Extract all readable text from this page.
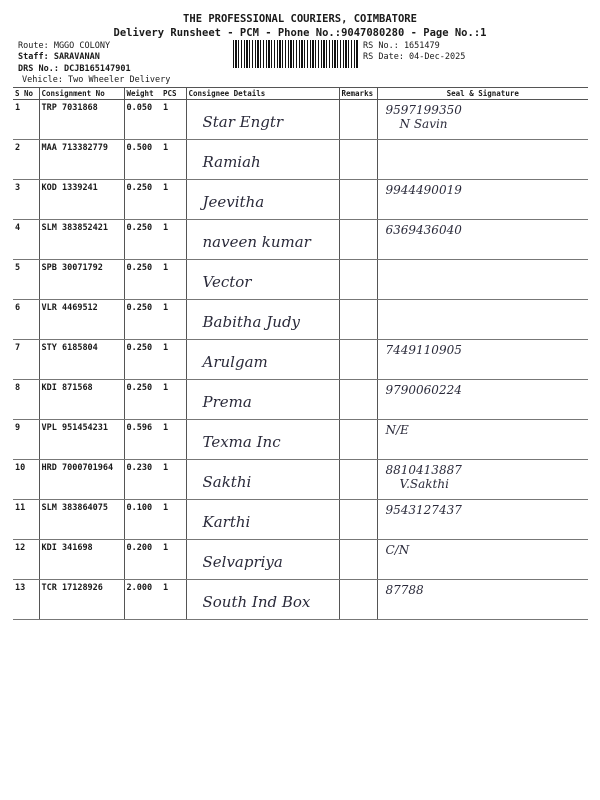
THE PROFESSIONAL COURIERS, COIMBATORE
Delivery Runsheet - PCM - Phone No.:9047080280 - Page No.:1
Route: MGGO COLONY
Staff: SARAVANAN
DRS No.: DCJB165147901
Vehicle: Two Wheeler Delivery
RS No.: 1651479
RS Date: 04-Dec-2025
S No	Consignment No	Weight	PCS	Consignee Details	Remarks	Seal & Signature
1	TRP 7031868	0.050	1	Star Engtr		9597199350
N Savin

2	MAA 713382779	0.500	1	Ramiah		

3	KOD 1339241	0.250	1	Jeevitha		9944490019

4	SLM 383852421	0.250	1	naveen kumar		6369436040

5	SPB 30071792	0.250	1	Vector		

6	VLR 4469512	0.250	1	Babitha Judy		

7	STY 6185804	0.250	1	Arulgam		7449110905

8	KDI 871568	0.250	1	Prema		9790060224

9	VPL 951454231	0.596	1	Texma Inc		N/E

10	HRD 7000701964	0.230	1	Sakthi		8810413887
V.Sakthi

11	SLM 383864075	0.100	1	Karthi		9543127437

12	KDI 341698	0.200	1	Selvapriya		C/N

13	TCR 17128926	2.000	1	South Ind Box		87788
